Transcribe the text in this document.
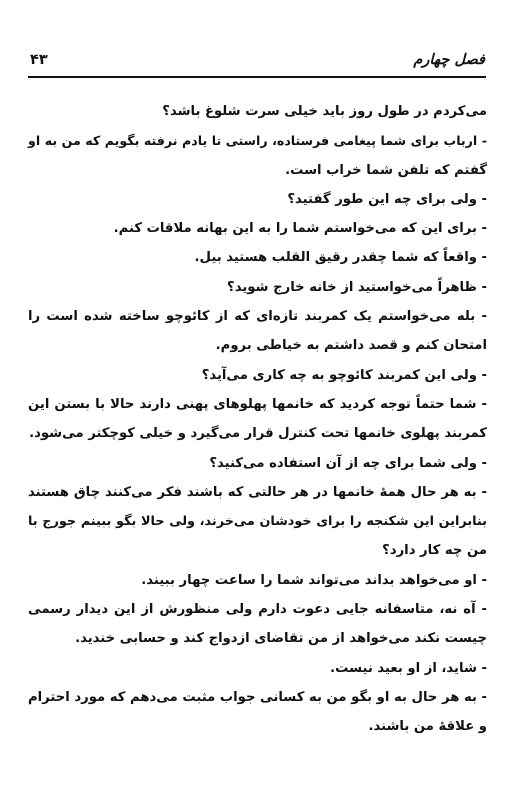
فصل چهارم
۴۳
می‌کردم در طول روز باید خیلی سرت شلوغ باشد؟
- ارباب برای شما پیغامی فرستاده، راستی تا یادم نرفته بگویم که من به او
گفتم که تلفن شما خراب است.
- ولی برای چه این طور گفتید؟
- برای این که می‌خواستم شما را به این بهانه ملاقات کنم.
- واقعاً که شما چقدر رقیق القلب هستید بیل.
- ظاهراً می‌خواستید از خانه خارج شوید؟
- بله می‌خواستم یک کمربند تازه‌ای که از کائوچو ساخته شده است را
امتحان کنم و قصد داشتم به خیاطی بروم.
- ولی این کمربند کائوچو به چه کاری می‌آید؟
- شما حتماً توجه کردید که خانمها پهلوهای پهنی دارند حالا با بستن این
کمربند پهلوی خانمها تحت کنترل قرار می‌گیرد و خیلی کوچکتر می‌شود.
- ولی شما برای چه از آن استفاده می‌کنید؟
- به هر حال همهٔ خانمها در هر حالتی که باشند فکر می‌کنند چاق هستند
بنابراین این شکنجه را برای خودشان می‌خرند، ولی حالا بگو ببینم جورج با
من چه کار دارد؟
- او می‌خواهد بداند می‌تواند شما را ساعت چهار ببیند.
- آه نه، متاسفانه جایی دعوت دارم ولی منظورش از این دیدار رسمی
چیست نکند می‌خواهد از من تقاضای ازدواج کند و حسابی خندید.
- شاید، از او بعید نیست.
- به هر حال به او بگو من به کسانی جواب مثبت می‌دهم که مورد احترام
و علاقهٔ من باشند.
